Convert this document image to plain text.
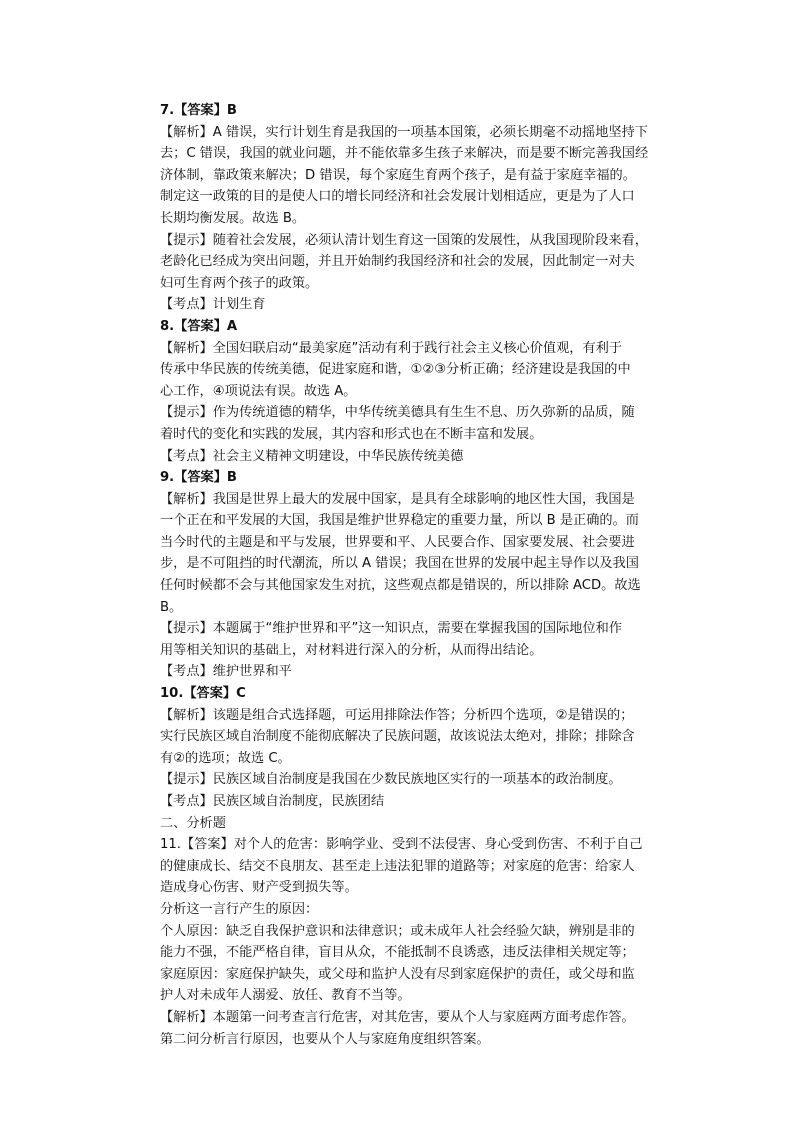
7.【答案】B
【解析】A 错误，实行计划生育是我国的一项基本国策，必须长期毫不动摇地坚持下
去；C 错误，我国的就业问题，并不能依靠多生孩子来解决，而是要不断完善我国经
济体制，靠政策来解决；D 错误，每个家庭生育两个孩子，是有益于家庭幸福的。
制定这一政策的目的是使人口的增长同经济和社会发展计划相适应，更是为了人口
长期均衡发展。故选 B。
【提示】随着社会发展，必须认清计划生育这一国策的发展性，从我国现阶段来看，
老龄化已经成为突出问题，并且开始制约我国经济和社会的发展，因此制定一对夫
妇可生育两个孩子的政策。
【考点】计划生育
8.【答案】A
【解析】全国妇联启动“最美家庭”活动有利于践行社会主义核心价值观，有利于
传承中华民族的传统美德，促进家庭和谐，①②③分析正确；经济建设是我国的中
心工作，④项说法有误。故选 A。
【提示】作为传统道德的精华，中华传统美德具有生生不息、历久弥新的品质，随
着时代的变化和实践的发展，其内容和形式也在不断丰富和发展。
【考点】社会主义精神文明建设，中华民族传统美德
9.【答案】B
【解析】我国是世界上最大的发展中国家，是具有全球影响的地区性大国，我国是
一个正在和平发展的大国，我国是维护世界稳定的重要力量，所以 B 是正确的。而
当今时代的主题是和平与发展，世界要和平、人民要合作、国家要发展、社会要进
步，是不可阻挡的时代潮流，所以 A 错误；我国在世界的发展中起主导作以及我国
任何时候都不会与其他国家发生对抗，这些观点都是错误的，所以排除 ACD。故选
B。
【提示】本题属于“维护世界和平”这一知识点，需要在掌握我国的国际地位和作
用等相关知识的基础上，对材料进行深入的分析，从而得出结论。
【考点】维护世界和平
10.【答案】C
【解析】该题是组合式选择题，可运用排除法作答；分析四个选项，②是错误的；
实行民族区域自治制度不能彻底解决了民族问题，故该说法太绝对，排除；排除含
有②的选项；故选 C。
【提示】民族区域自治制度是我国在少数民族地区实行的一项基本的政治制度。
【考点】民族区域自治制度，民族团结
二、分析题
11.【答案】对个人的危害：影响学业、受到不法侵害、身心受到伤害、不利于自己
的健康成长、结交不良朋友、甚至走上违法犯罪的道路等；对家庭的危害：给家人
造成身心伤害、财产受到损失等。
分析这一言行产生的原因：
个人原因：缺乏自我保护意识和法律意识；或未成年人社会经验欠缺，辨别是非的
能力不强，不能严格自律，盲目从众，不能抵制不良诱惑，违反法律相关规定等；
家庭原因：家庭保护缺失，或父母和监护人没有尽到家庭保护的责任，或父母和监
护人对未成年人溺爱、放任、教育不当等。
【解析】本题第一问考查言行危害，对其危害，要从个人与家庭两方面考虑作答。
第二问分析言行原因，也要从个人与家庭角度组织答案。
